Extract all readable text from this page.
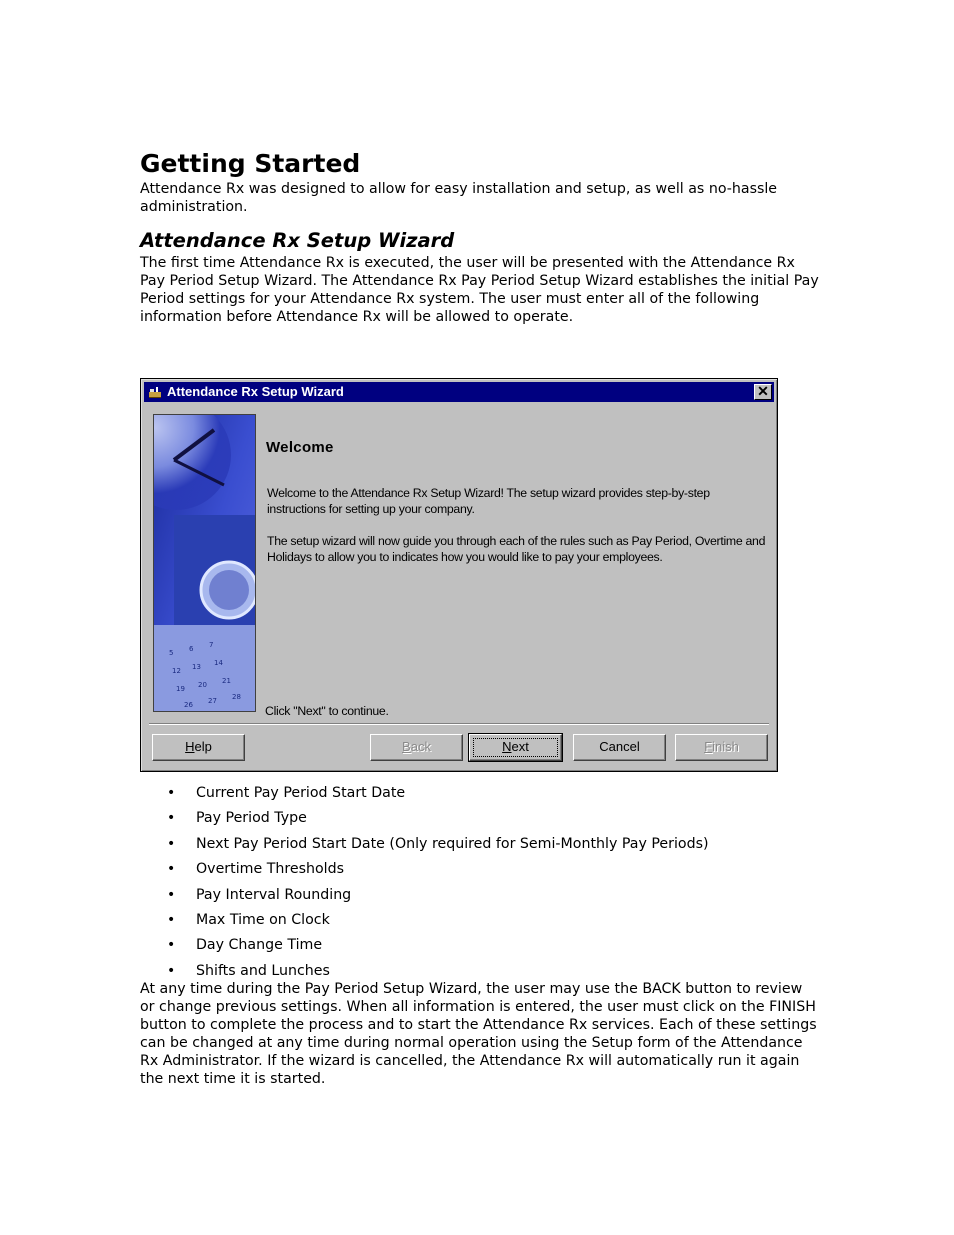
Getting Started

Attendance Rx was designed to allow for easy installation and setup, as well as no-hassle administration.

Attendance Rx Setup Wizard

The first time Attendance Rx is executed, the user will be presented with the Attendance Rx Pay Period Setup Wizard. The Attendance Rx Pay Period Setup Wizard establishes the initial Pay Period settings for your Attendance Rx system. The user must enter all of the following information before Attendance Rx will be allowed to operate.

Attendance Rx Setup Wizard	✕
5 6 7
12 13 14
19 20 21
26 27 28
Welcome
Welcome to the Attendance Rx Setup Wizard! The setup wizard provides step-by-step instructions for setting up your company.
The setup wizard will now guide you through each of the rules such as Pay Period, Overtime and Holidays to allow you to indicates how you would like to pay your employees.
Click "Next" to continue.
Help	Back	Next	Cancel	Finish
• Current Pay Period Start Date
• Pay Period Type
• Next Pay Period Start Date (Only required for Semi-Monthly Pay Periods)
• Overtime Thresholds
• Pay Interval Rounding
• Max Time on Clock
• Day Change Time
• Shifts and Lunches

At any time during the Pay Period Setup Wizard, the user may use the BACK button to review or change previous settings. When all information is entered, the user must click on the FINISH button to complete the process and to start the Attendance Rx services. Each of these settings can be changed at any time during normal operation using the Setup form of the Attendance Rx Administrator. If the wizard is cancelled, the Attendance Rx will automatically run it again the next time it is started.
